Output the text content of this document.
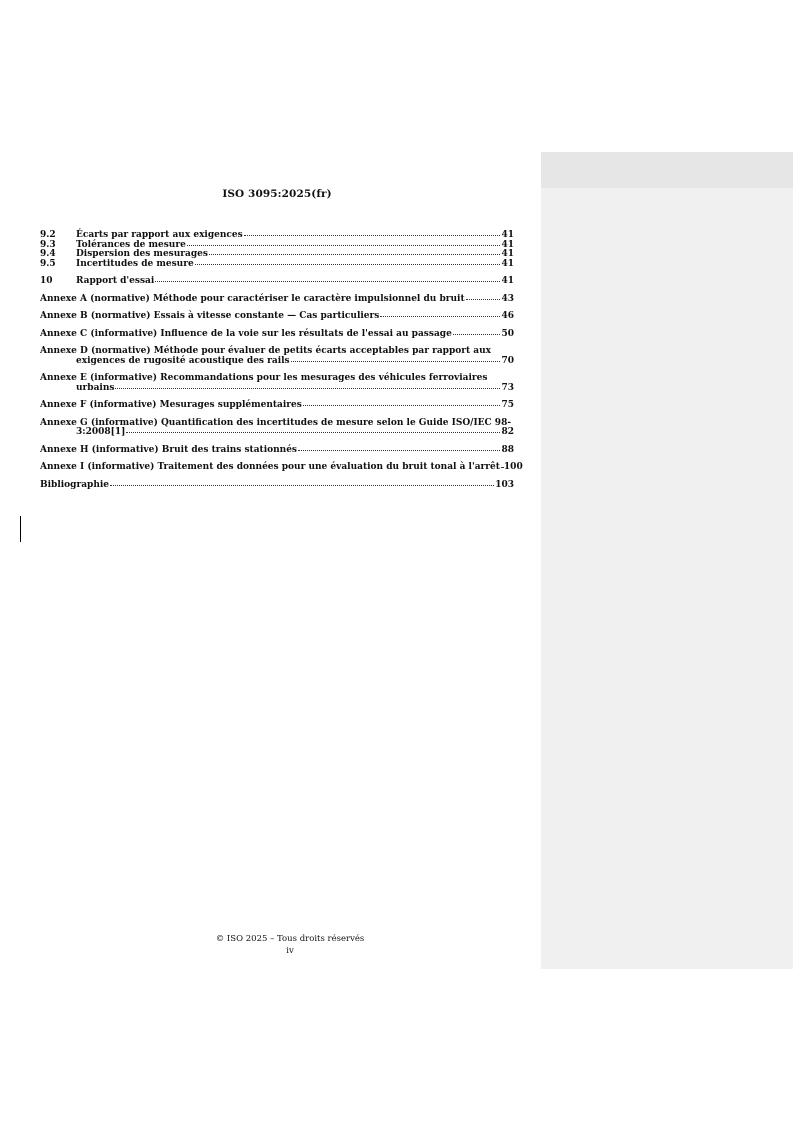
ISO 3095:2025(fr)
9.2	Écarts par rapport aux exigences	41
9.3	Tolérances de mesure	41
9.4	Dispersion des mesurages	41
9.5	Incertitudes de mesure	41
10	Rapport d'essai	41
Annexe A (normative) Méthode pour caractériser le caractère impulsionnel du bruit	43
Annexe B (normative) Essais à vitesse constante — Cas particuliers	46
Annexe C (informative) Influence de la voie sur les résultats de l'essai au passage	50
Annexe D (normative) Méthode pour évaluer de petits écarts acceptables par rapport aux
exigences de rugosité acoustique des rails	70
Annexe E (informative) Recommandations pour les mesurages des véhicules ferroviaires
urbains	73
Annexe F (informative) Mesurages supplémentaires	75
Annexe G (informative) Quantification des incertitudes de mesure selon le Guide ISO/IEC 98-
3:2008[1]	82
Annexe H (informative) Bruit des trains stationnés	88
Annexe I (informative) Traitement des données pour une évaluation du bruit tonal à l'arrêt 100
Bibliographie	103
© ISO 2025 – Tous droits réservés
iv
